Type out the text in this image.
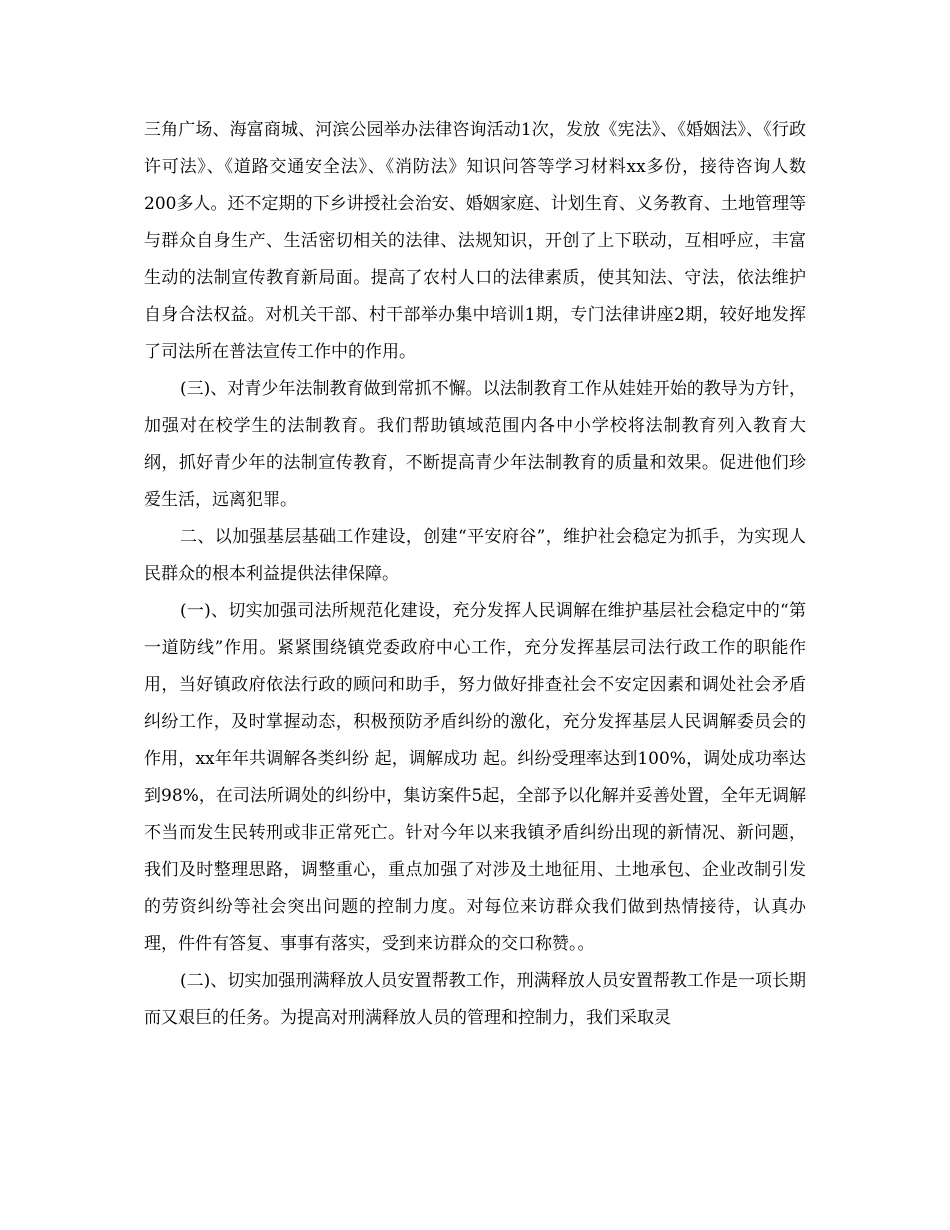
三角广场、海富商城、河滨公园举办法律咨询活动1次，发放《宪法》、《婚姻法》、《行政许可法》、《道路交通安全法》、《消防法》知识问答等学习材料xx多份，接待咨询人数200多人。还不定期的下乡讲授社会治安、婚姻家庭、计划生育、义务教育、土地管理等与群众自身生产、生活密切相关的法律、法规知识，开创了上下联动，互相呼应，丰富生动的法制宣传教育新局面。提高了农村人口的法律素质，使其知法、守法，依法维护自身合法权益。对机关干部、村干部举办集中培训1期，专门法律讲座2期，较好地发挥了司法所在普法宣传工作中的作用。

(三)、对青少年法制教育做到常抓不懈。以法制教育工作从娃娃开始的教导为方针，加强对在校学生的法制教育。我们帮助镇域范围内各中小学校将法制教育列入教育大纲，抓好青少年的法制宣传教育，不断提高青少年法制教育的质量和效果。促进他们珍爱生活，远离犯罪。

二、以加强基层基础工作建设，创建“平安府谷”，维护社会稳定为抓手，为实现人民群众的根本利益提供法律保障。

(一)、切实加强司法所规范化建设，充分发挥人民调解在维护基层社会稳定中的“第一道防线”作用。紧紧围绕镇党委政府中心工作，充分发挥基层司法行政工作的职能作用，当好镇政府依法行政的顾问和助手，努力做好排查社会不安定因素和调处社会矛盾纠纷工作，及时掌握动态，积极预防矛盾纠纷的激化，充分发挥基层人民调解委员会的作用，xx年年共调解各类纠纷 起，调解成功 起。纠纷受理率达到100%，调处成功率达到98%，在司法所调处的纠纷中，集访案件5起，全部予以化解并妥善处置，全年无调解不当而发生民转刑或非正常死亡。针对今年以来我镇矛盾纠纷出现的新情况、新问题，我们及时整理思路，调整重心，重点加强了对涉及土地征用、土地承包、企业改制引发的劳资纠纷等社会突出问题的控制力度。对每位来访群众我们做到热情接待，认真办理，件件有答复、事事有落实，受到来访群众的交口称赞。。

(二)、切实加强刑满释放人员安置帮教工作，刑满释放人员安置帮教工作是一项长期而又艰巨的任务。为提高对刑满释放人员的管理和控制力，我们采取灵
